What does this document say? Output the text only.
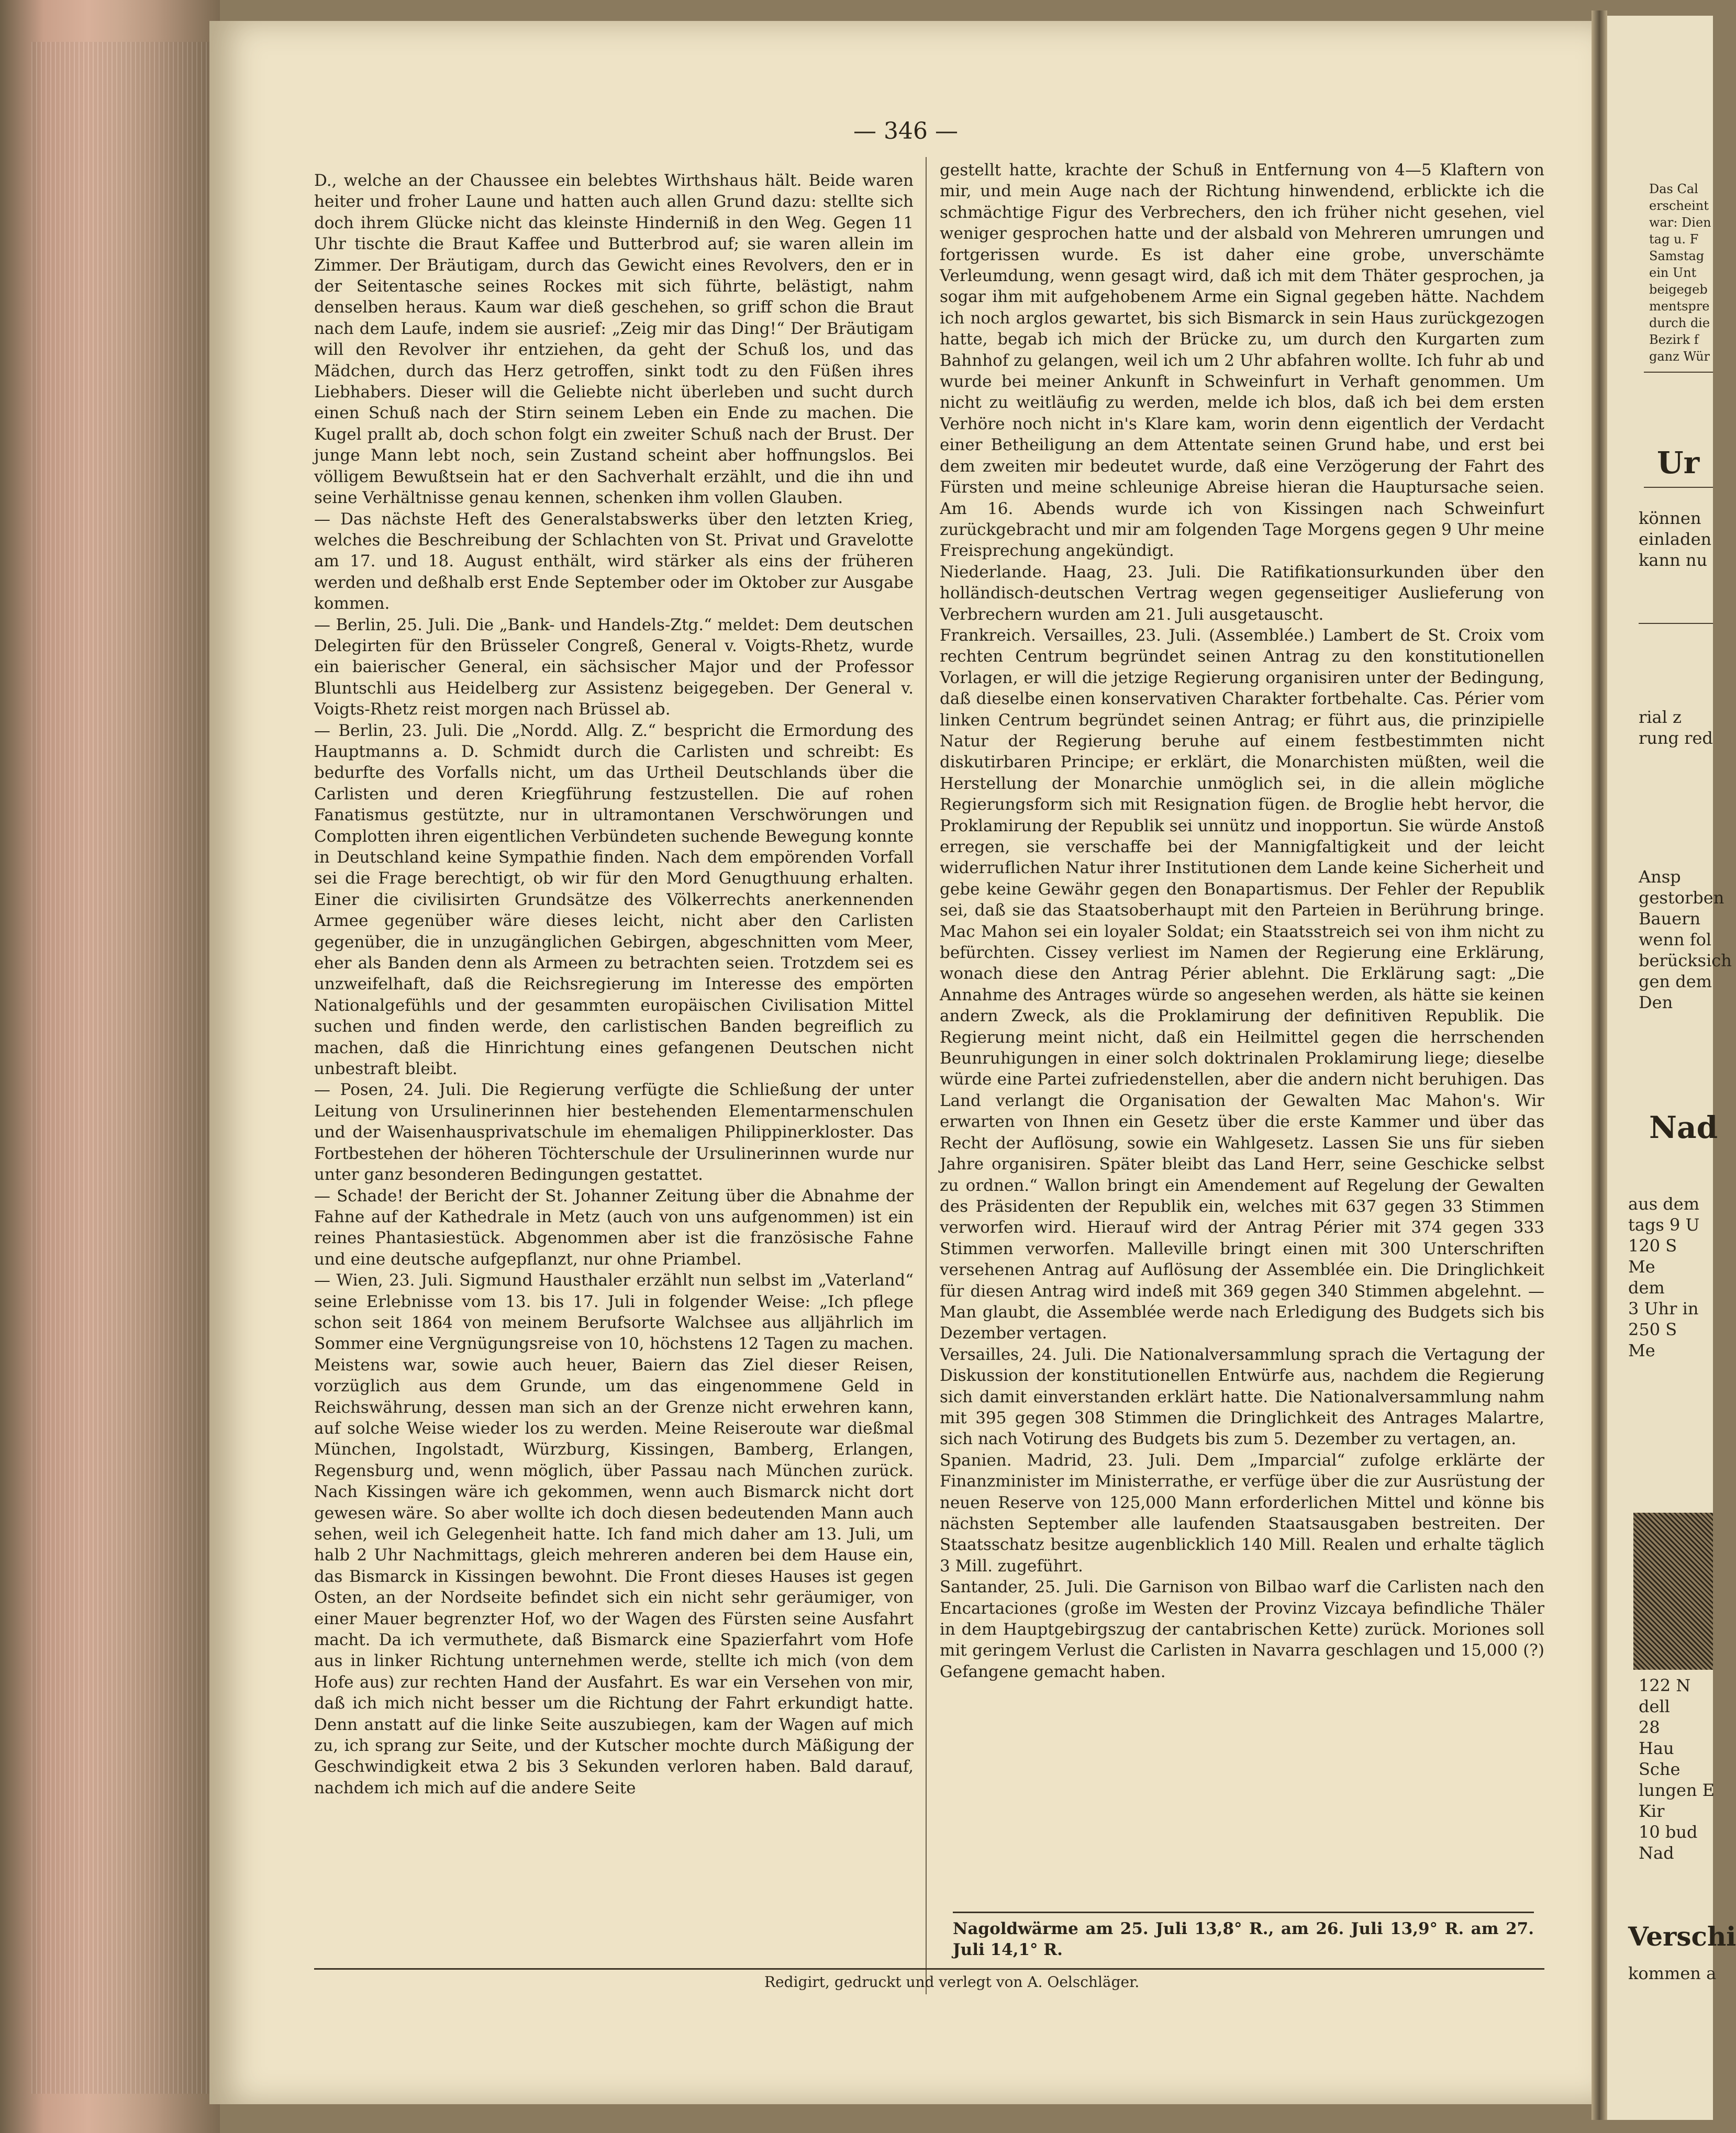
— 346 —

D., welche an der Chaussee ein belebtes Wirthshaus hält. Beide waren heiter und froher Laune und hatten auch allen Grund dazu: stellte sich doch ihrem Glücke nicht das kleinste Hinderniß in den Weg. Gegen 11 Uhr tischte die Braut Kaffee und Butterbrod auf; sie waren allein im Zimmer. Der Bräutigam, durch das Gewicht eines Revolvers, den er in der Seitentasche seines Rockes mit sich führte, belästigt, nahm denselben heraus. Kaum war dieß geschehen, so griff schon die Braut nach dem Laufe, indem sie ausrief: „Zeig mir das Ding!“ Der Bräutigam will den Revolver ihr entziehen, da geht der Schuß los, und das Mädchen, durch das Herz getroffen, sinkt todt zu den Füßen ihres Liebhabers. Dieser will die Geliebte nicht überleben und sucht durch einen Schuß nach der Stirn seinem Leben ein Ende zu machen. Die Kugel prallt ab, doch schon folgt ein zweiter Schuß nach der Brust. Der junge Mann lebt noch, sein Zustand scheint aber hoffnungslos. Bei völligem Bewußtsein hat er den Sachverhalt erzählt, und die ihn und seine Verhältnisse genau kennen, schenken ihm vollen Glauben.

— Das nächste Heft des Generalstabswerks über den letzten Krieg, welches die Beschreibung der Schlachten von St. Privat und Gravelotte am 17. und 18. August enthält, wird stärker als eins der früheren werden und deßhalb erst Ende September oder im Oktober zur Ausgabe kommen.

— Berlin, 25. Juli. Die „Bank- und Handels-Ztg.“ meldet: Dem deutschen Delegirten für den Brüsseler Congreß, General v. Voigts-Rhetz, wurde ein baierischer General, ein sächsischer Major und der Professor Bluntschli aus Heidelberg zur Assistenz beigegeben. Der General v. Voigts-Rhetz reist morgen nach Brüssel ab.

— Berlin, 23. Juli. Die „Nordd. Allg. Z.“ bespricht die Ermordung des Hauptmanns a. D. Schmidt durch die Carlisten und schreibt: Es bedurfte des Vorfalls nicht, um das Urtheil Deutschlands über die Carlisten und deren Kriegführung festzustellen. Die auf rohen Fanatismus gestützte, nur in ultramontanen Verschwörungen und Complotten ihren eigentlichen Verbündeten suchende Bewegung konnte in Deutschland keine Sympathie finden. Nach dem empörenden Vorfall sei die Frage berechtigt, ob wir für den Mord Genugthuung erhalten. Einer die civilisirten Grundsätze des Völkerrechts anerkennenden Armee gegenüber wäre dieses leicht, nicht aber den Carlisten gegenüber, die in unzugänglichen Gebirgen, abgeschnitten vom Meer, eher als Banden denn als Armeen zu betrachten seien. Trotzdem sei es unzweifelhaft, daß die Reichsregierung im Interesse des empörten Nationalgefühls und der gesammten europäischen Civilisation Mittel suchen und finden werde, den carlistischen Banden begreiflich zu machen, daß die Hinrichtung eines gefangenen Deutschen nicht unbestraft bleibt.

— Posen, 24. Juli. Die Regierung verfügte die Schließung der unter Leitung von Ursulinerinnen hier bestehenden Elementarmenschulen und der Waisenhausprivatschule im ehemaligen Philippinerkloster. Das Fortbestehen der höheren Töchterschule der Ursulinerinnen wurde nur unter ganz besonderen Bedingungen gestattet.

— Schade! der Bericht der St. Johanner Zeitung über die Abnahme der Fahne auf der Kathedrale in Metz (auch von uns aufgenommen) ist ein reines Phantasiestück. Abgenommen aber ist die französische Fahne und eine deutsche aufgepflanzt, nur ohne Priambel.

— Wien, 23. Juli. Sigmund Hausthaler erzählt nun selbst im „Vaterland“ seine Erlebnisse vom 13. bis 17. Juli in folgender Weise: „Ich pflege schon seit 1864 von meinem Berufsorte Walchsee aus alljährlich im Sommer eine Vergnügungsreise von 10, höchstens 12 Tagen zu machen. Meistens war, sowie auch heuer, Baiern das Ziel dieser Reisen, vorzüglich aus dem Grunde, um das eingenommene Geld in Reichswährung, dessen man sich an der Grenze nicht erwehren kann, auf solche Weise wieder los zu werden. Meine Reiseroute war dießmal München, Ingolstadt, Würzburg, Kissingen, Bamberg, Erlangen, Regensburg und, wenn möglich, über Passau nach München zurück. Nach Kissingen wäre ich gekommen, wenn auch Bismarck nicht dort gewesen wäre. So aber wollte ich doch diesen bedeutenden Mann auch sehen, weil ich Gelegenheit hatte. Ich fand mich daher am 13. Juli, um halb 2 Uhr Nachmittags, gleich mehreren anderen bei dem Hause ein, das Bismarck in Kissingen bewohnt. Die Front dieses Hauses ist gegen Osten, an der Nordseite befindet sich ein nicht sehr geräumiger, von einer Mauer begrenzter Hof, wo der Wagen des Fürsten seine Ausfahrt macht. Da ich vermuthete, daß Bismarck eine Spazierfahrt vom Hofe aus in linker Richtung unternehmen werde, stellte ich mich (von dem Hofe aus) zur rechten Hand der Ausfahrt. Es war ein Versehen von mir, daß ich mich nicht besser um die Richtung der Fahrt erkundigt hatte. Denn anstatt auf die linke Seite auszubiegen, kam der Wagen auf mich zu, ich sprang zur Seite, und der Kutscher mochte durch Mäßigung der Geschwindigkeit etwa 2 bis 3 Sekunden verloren haben. Bald darauf, nachdem ich mich auf die andere Seite

gestellt hatte, krachte der Schuß in Entfernung von 4—5 Klaftern von mir, und mein Auge nach der Richtung hinwendend, erblickte ich die schmächtige Figur des Verbrechers, den ich früher nicht gesehen, viel weniger gesprochen hatte und der alsbald von Mehreren umrungen und fortgerissen wurde. Es ist daher eine grobe, unverschämte Verleumdung, wenn gesagt wird, daß ich mit dem Thäter gesprochen, ja sogar ihm mit aufgehobenem Arme ein Signal gegeben hätte. Nachdem ich noch arglos gewartet, bis sich Bismarck in sein Haus zurückgezogen hatte, begab ich mich der Brücke zu, um durch den Kurgarten zum Bahnhof zu gelangen, weil ich um 2 Uhr abfahren wollte. Ich fuhr ab und wurde bei meiner Ankunft in Schweinfurt in Verhaft genommen. Um nicht zu weitläufig zu werden, melde ich blos, daß ich bei dem ersten Verhöre noch nicht in's Klare kam, worin denn eigentlich der Verdacht einer Betheiligung an dem Attentate seinen Grund habe, und erst bei dem zweiten mir bedeutet wurde, daß eine Verzögerung der Fahrt des Fürsten und meine schleunige Abreise hieran die Hauptursache seien. Am 16. Abends wurde ich von Kissingen nach Schweinfurt zurückgebracht und mir am folgenden Tage Morgens gegen 9 Uhr meine Freisprechung angekündigt.

Niederlande. Haag, 23. Juli. Die Ratifikationsurkunden über den holländisch-deutschen Vertrag wegen gegenseitiger Auslieferung von Verbrechern wurden am 21. Juli ausgetauscht.

Frankreich. Versailles, 23. Juli. (Assemblée.) Lambert de St. Croix vom rechten Centrum begründet seinen Antrag zu den konstitutionellen Vorlagen, er will die jetzige Regierung organisiren unter der Bedingung, daß dieselbe einen konservativen Charakter fortbehalte. Cas. Périer vom linken Centrum begründet seinen Antrag; er führt aus, die prinzipielle Natur der Regierung beruhe auf einem festbestimmten nicht diskutirbaren Principe; er erklärt, die Monarchisten müßten, weil die Herstellung der Monarchie unmöglich sei, in die allein mögliche Regierungsform sich mit Resignation fügen. de Broglie hebt hervor, die Proklamirung der Republik sei unnütz und inopportun. Sie würde Anstoß erregen, sie verschaffe bei der Mannigfaltigkeit und der leicht widerruflichen Natur ihrer Institutionen dem Lande keine Sicherheit und gebe keine Gewähr gegen den Bonapartismus. Der Fehler der Republik sei, daß sie das Staatsoberhaupt mit den Parteien in Berührung bringe. Mac Mahon sei ein loyaler Soldat; ein Staatsstreich sei von ihm nicht zu befürchten. Cissey verliest im Namen der Regierung eine Erklärung, wonach diese den Antrag Périer ablehnt. Die Erklärung sagt: „Die Annahme des Antrages würde so angesehen werden, als hätte sie keinen andern Zweck, als die Proklamirung der definitiven Republik. Die Regierung meint nicht, daß ein Heilmittel gegen die herrschenden Beunruhigungen in einer solch doktrinalen Proklamirung liege; dieselbe würde eine Partei zufriedenstellen, aber die andern nicht beruhigen. Das Land verlangt die Organisation der Gewalten Mac Mahon's. Wir erwarten von Ihnen ein Gesetz über die erste Kammer und über das Recht der Auflösung, sowie ein Wahlgesetz. Lassen Sie uns für sieben Jahre organisiren. Später bleibt das Land Herr, seine Geschicke selbst zu ordnen.“ Wallon bringt ein Amendement auf Regelung der Gewalten des Präsidenten der Republik ein, welches mit 637 gegen 33 Stimmen verworfen wird. Hierauf wird der Antrag Périer mit 374 gegen 333 Stimmen verworfen. Malleville bringt einen mit 300 Unterschriften versehenen Antrag auf Auflösung der Assemblée ein. Die Dringlichkeit für diesen Antrag wird indeß mit 369 gegen 340 Stimmen abgelehnt. — Man glaubt, die Assemblée werde nach Erledigung des Budgets sich bis Dezember vertagen.

Versailles, 24. Juli. Die Nationalversammlung sprach die Vertagung der Diskussion der konstitutionellen Entwürfe aus, nachdem die Regierung sich damit einverstanden erklärt hatte. Die Nationalversammlung nahm mit 395 gegen 308 Stimmen die Dringlichkeit des Antrages Malartre, sich nach Votirung des Budgets bis zum 5. Dezember zu vertagen, an.

Spanien. Madrid, 23. Juli. Dem „Imparcial“ zufolge erklärte der Finanzminister im Ministerrathe, er verfüge über die zur Ausrüstung der neuen Reserve von 125,000 Mann erforderlichen Mittel und könne bis nächsten September alle laufenden Staatsausgaben bestreiten. Der Staatsschatz besitze augenblicklich 140 Mill. Realen und erhalte täglich 3 Mill. zugeführt.

Santander, 25. Juli. Die Garnison von Bilbao warf die Carlisten nach den Encartaciones (große im Westen der Provinz Vizcaya befindliche Thäler in dem Hauptgebirgszug der cantabrischen Kette) zurück. Moriones soll mit geringem Verlust die Carlisten in Navarra geschlagen und 15,000 (?) Gefangene gemacht haben.

Nagoldwärme am 25. Juli 13,8° R., am 26. Juli 13,9° R. am 27. Juli 14,1° R.

Redigirt, gedruckt und verlegt von A. Oelschläger.
Das Cal
erscheint
war: Dien
tag u. F
Samstag
ein Unt
beigegeb
mentspre
durch die
Bezirk f
ganz Wür
Ur
können
einladen
kann nu
rial z
rung red
Ansp
gestorben
Bauern
wenn fol
berücksich
gen dem
Den
Nad
aus dem
tags 9 U
120 S
Me
dem
3 Uhr in
250 S
Me
122 N
dell
28
Hau
Sche
lungen E
Kir
10 bud
Nad
Verschi
kommen a
